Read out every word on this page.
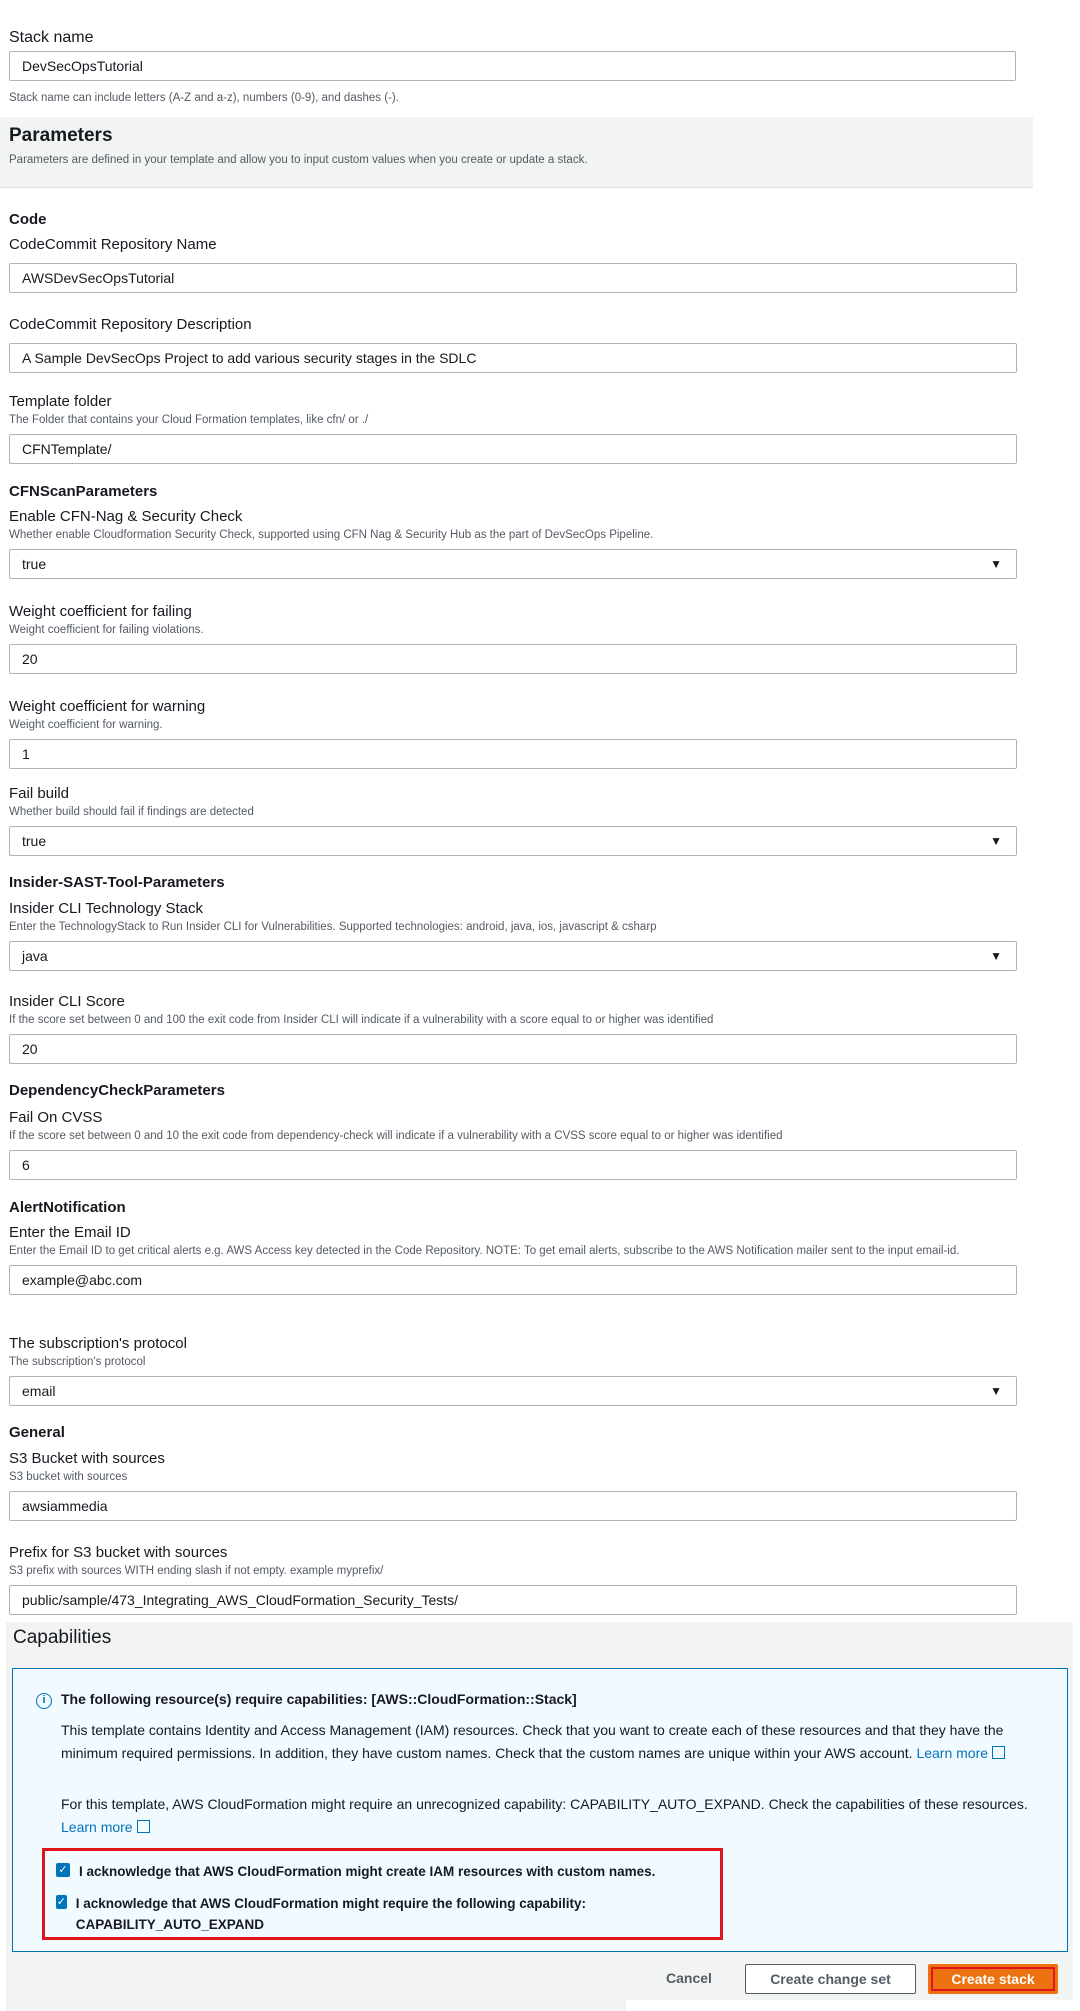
Stack name
DevSecOpsTutorial
Stack name can include letters (A-Z and a-z), numbers (0-9), and dashes (-).
Parameters
Parameters are defined in your template and allow you to input custom values when you create or update a stack.
Code
CFNScanParameters
Insider-SAST-Tool-Parameters
DependencyCheckParameters
AlertNotification
General
CodeCommit Repository Name
AWSDevSecOpsTutorial
CodeCommit Repository Description
A Sample DevSecOps Project to add various security stages in the SDLC
Template folder
The Folder that contains your Cloud Formation templates, like cfn/ or ./
CFNTemplate/
Enable CFN-Nag & Security Check
Whether enable Cloudformation Security Check, supported using CFN Nag & Security Hub as the part of DevSecOps Pipeline.
true	▼
Weight coefficient for failing
Weight coefficient for failing violations.
20
Weight coefficient for warning
Weight coefficient for warning.
1
Fail build
Whether build should fail if findings are detected
true	▼
Insider CLI Technology Stack
Enter the TechnologyStack to Run Insider CLI for Vulnerabilities. Supported technologies: android, java, ios, javascript & csharp
java	▼
Insider CLI Score
If the score set between 0 and 100 the exit code from Insider CLI will indicate if a vulnerability with a score equal to or higher was identified
20
Fail On CVSS
If the score set between 0 and 10 the exit code from dependency-check will indicate if a vulnerability with a CVSS score equal to or higher was identified
6
Enter the Email ID
Enter the Email ID to get critical alerts e.g. AWS Access key detected in the Code Repository. NOTE: To get email alerts, subscribe to the AWS Notification mailer sent to the input email-id.
example@abc.com
The subscription's protocol
The subscription's protocol
email	▼
S3 Bucket with sources
S3 bucket with sources
awsiammedia
Prefix for S3 bucket with sources
S3 prefix with sources WITH ending slash if not empty. example myprefix/
public/sample/473_Integrating_AWS_CloudFormation_Security_Tests/
Capabilities
i	The following resource(s) require capabilities: [AWS::CloudFormation::Stack]
This template contains Identity and Access Management (IAM) resources. Check that you want to create each of these resources and that they have the minimum required permissions. In addition, they have custom names. Check that the custom names are unique within your AWS account. Learn more
For this template, AWS CloudFormation might require an unrecognized capability: CAPABILITY_AUTO_EXPAND. Check the capabilities of these resources. Learn more
✓ I acknowledge that AWS CloudFormation might create IAM resources with custom names.
✓ I acknowledge that AWS CloudFormation might require the following capability: CAPABILITY_AUTO_EXPAND
Cancel	Create change set	Create stack
